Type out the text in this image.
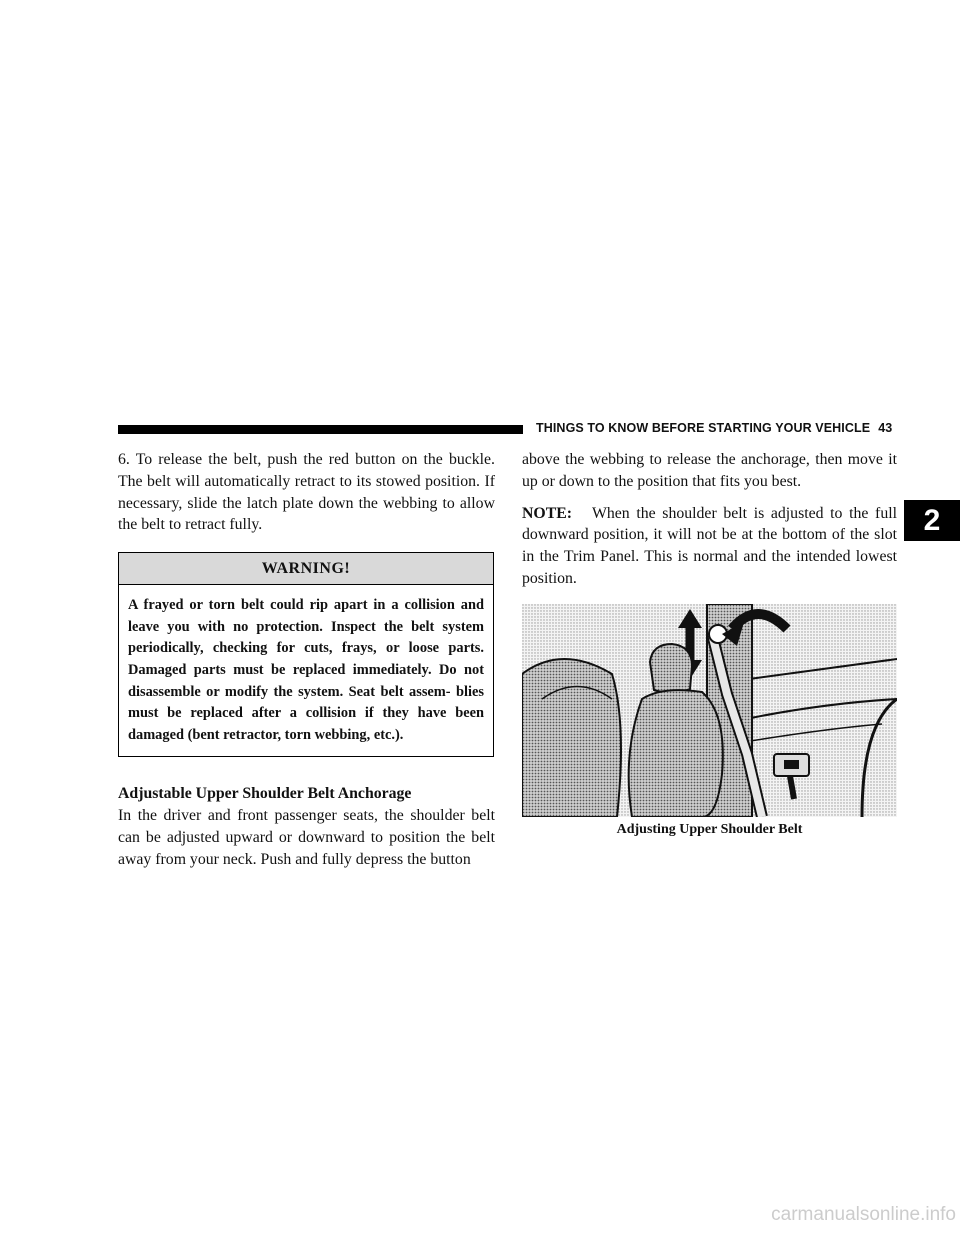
THINGS TO KNOW BEFORE STARTING YOUR VEHICLE 43
2

6. To release the belt, push the red button on the buckle. The belt will automatically retract to its stowed position. If necessary, slide the latch plate down the webbing to allow the belt to retract fully.

WARNING!
A frayed or torn belt could rip apart in a collision and leave you with no protection. Inspect the belt system periodically, checking for cuts, frays, or loose parts. Damaged parts must be replaced immediately. Do not disassemble or modify the system. Seat belt assem- blies must be replaced after a collision if they have been damaged (bent retractor, torn webbing, etc.).

Adjustable Upper Shoulder Belt Anchorage

In the driver and front passenger seats, the shoulder belt can be adjusted upward or downward to position the belt away from your neck. Push and fully depress the button

above the webbing to release the anchorage, then move it up or down to the position that fits you best.

NOTE: When the shoulder belt is adjusted to the full downward position, it will not be at the bottom of the slot in the Trim Panel. This is normal and the intended lowest position.

Adjusting Upper Shoulder Belt

carmanualsonline.info
